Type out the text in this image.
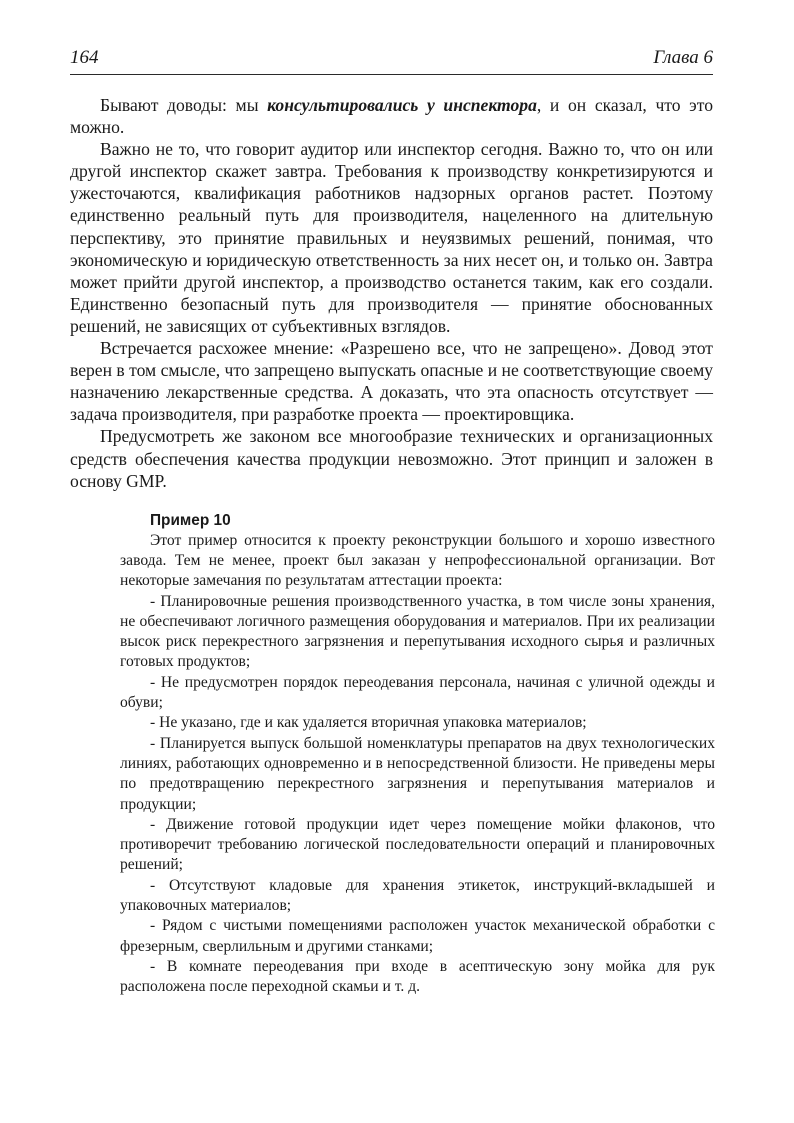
164	Глава 6

Бывают доводы: мы консультировались у инспектора, и он сказал, что это можно.

Важно не то, что говорит аудитор или инспектор сегодня. Важно то, что он или другой инспектор скажет завтра. Требования к производству конкретизируются и ужесточаются, квалификация работников надзорных органов растет. Поэтому единственно реальный путь для производителя, нацеленного на длительную перспективу, это принятие правильных и неуязвимых решений, понимая, что экономическую и юридическую ответственность за них несет он, и только он. Завтра может прийти другой инспектор, а производство останется таким, как его создали. Единственно безопасный путь для производителя — принятие обоснованных решений, не зависящих от субъективных взглядов.

Встречается расхожее мнение: «Разрешено все, что не запрещено». Довод этот верен в том смысле, что запрещено выпускать опасные и не соответствующие своему назначению лекарственные средства. А доказать, что эта опасность отсутствует — задача производителя, при разработке проекта — проектировщика.

Предусмотреть же законом все многообразие технических и организационных средств обеспечения качества продукции невозможно. Этот принцип и заложен в основу GMP.

Пример 10

Этот пример относится к проекту реконструкции большого и хорошо известного завода. Тем не менее, проект был заказан у непрофессиональной организации. Вот некоторые замечания по результатам аттестации проекта:

- Планировочные решения производственного участка, в том числе зоны хранения, не обеспечивают логичного размещения оборудования и материалов. При их реализации высок риск перекрестного загрязнения и перепутывания исходного сырья и различных готовых продуктов;

- Не предусмотрен порядок переодевания персонала, начиная с уличной одежды и обуви;

- Не указано, где и как удаляется вторичная упаковка материалов;

- Планируется выпуск большой номенклатуры препаратов на двух технологических линиях, работающих одновременно и в непосредственной близости. Не приведены меры по предотвращению перекрестного загрязнения и перепутывания материалов и продукции;

- Движение готовой продукции идет через помещение мойки флаконов, что противоречит требованию логической последовательности операций и планировочных решений;

- Отсутствуют кладовые для хранения этикеток, инструкций-вкладышей и упаковочных материалов;

- Рядом с чистыми помещениями расположен участок механической обработки с фрезерным, сверлильным и другими станками;

- В комнате переодевания при входе в асептическую зону мойка для рук расположена после переходной скамьи и т. д.
